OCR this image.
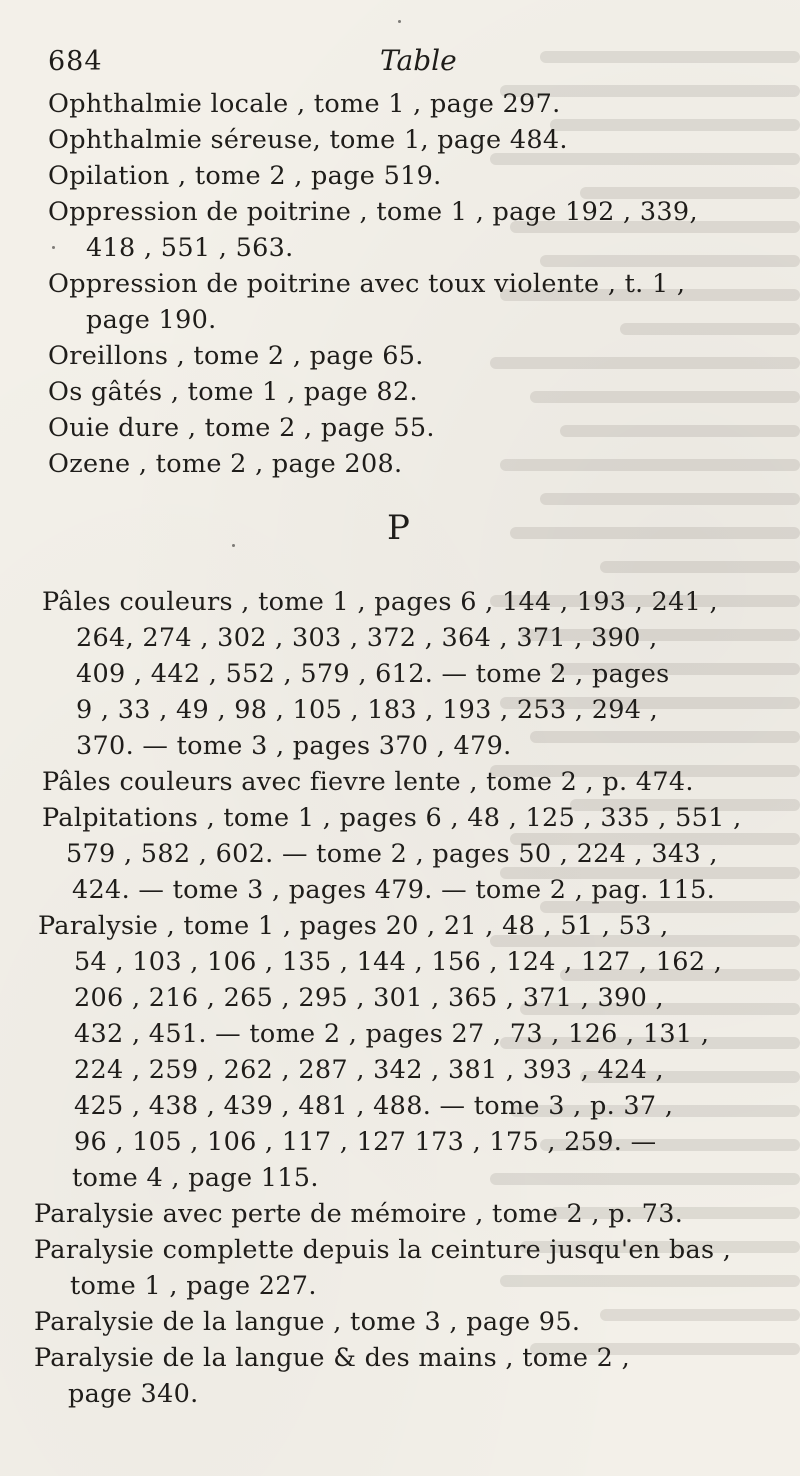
684	Table
Ophthalmie locale , tome 1 , page 297.
Ophthalmie séreuse, tome 1, page 484.
Opilation , tome 2 , page 519.
Oppression de poitrine , tome 1 , page 192 , 339,
418 , 551 , 563.
Oppression de poitrine avec toux violente , t. 1 ,
page 190.
Oreillons , tome 2 , page 65.
Os gâtés , tome 1 , page 82.
Ouie dure , tome 2 , page 55.
Ozene , tome 2 , page 208.
P
Pâles couleurs , tome 1 , pages 6 , 144 , 193 , 241 ,
264, 274 , 302 , 303 , 372 , 364 , 371 , 390 ,
409 , 442 , 552 , 579 , 612. — tome 2 , pages
9 , 33 , 49 , 98 , 105 , 183 , 193 , 253 , 294 ,
370. — tome 3 , pages 370 , 479.
Pâles couleurs avec fievre lente , tome 2 , p. 474.
Palpitations , tome 1 , pages 6 , 48 , 125 , 335 , 551 ,
579 , 582 , 602. — tome 2 , pages 50 , 224 , 343 ,
424. — tome 3 , pages 479. — tome 2 , pag. 115.
Paralysie , tome 1 , pages 20 , 21 , 48 , 51 , 53 ,
54 , 103 , 106 , 135 , 144 , 156 , 124 , 127 , 162 ,
206 , 216 , 265 , 295 , 301 , 365 , 371 , 390 ,
432 , 451. — tome 2 , pages 27 , 73 , 126 , 131 ,
224 , 259 , 262 , 287 , 342 , 381 , 393 , 424 ,
425 , 438 , 439 , 481 , 488. — tome 3 , p. 37 ,
96 , 105 , 106 , 117 , 127 173 , 175 , 259. —
tome 4 , page 115.
Paralysie avec perte de mémoire , tome 2 , p. 73.
Paralysie complette depuis la ceinture jusqu'en bas ,
tome 1 , page 227.
Paralysie de la langue , tome 3 , page 95.
Paralysie de la langue & des mains , tome 2 ,
page 340.
